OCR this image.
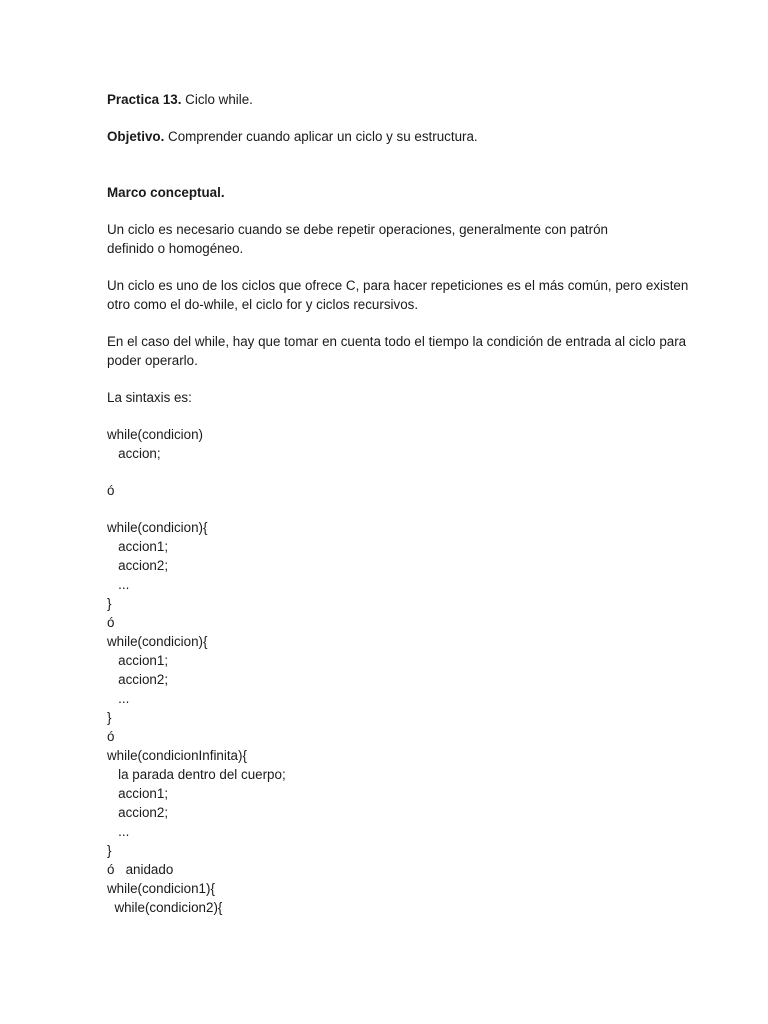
Practica 13. Ciclo while.

Objetivo. Comprender cuando aplicar un ciclo y su estructura.

Marco conceptual.

Un ciclo es necesario cuando se debe repetir operaciones, generalmente con patrón definido o homogéneo.

Un ciclo es uno de los ciclos que ofrece C, para hacer repeticiones es el más común, pero existen
otro como el do-while, el ciclo for y ciclos recursivos.
En el caso del while, hay que tomar en cuenta todo el tiempo la condición de entrada al ciclo para
poder operarlo.
La sintaxis es:
while(condicion)
accion;
ó
while(condicion){
accion1;
accion2;
...
}
ó
while(condicion){
accion1;
accion2;
...
}
ó
while(condicionInfinita){
la parada dentro del cuerpo;
accion1;
accion2;
...
}
ó   anidado
while(condicion1){
while(condicion2){
